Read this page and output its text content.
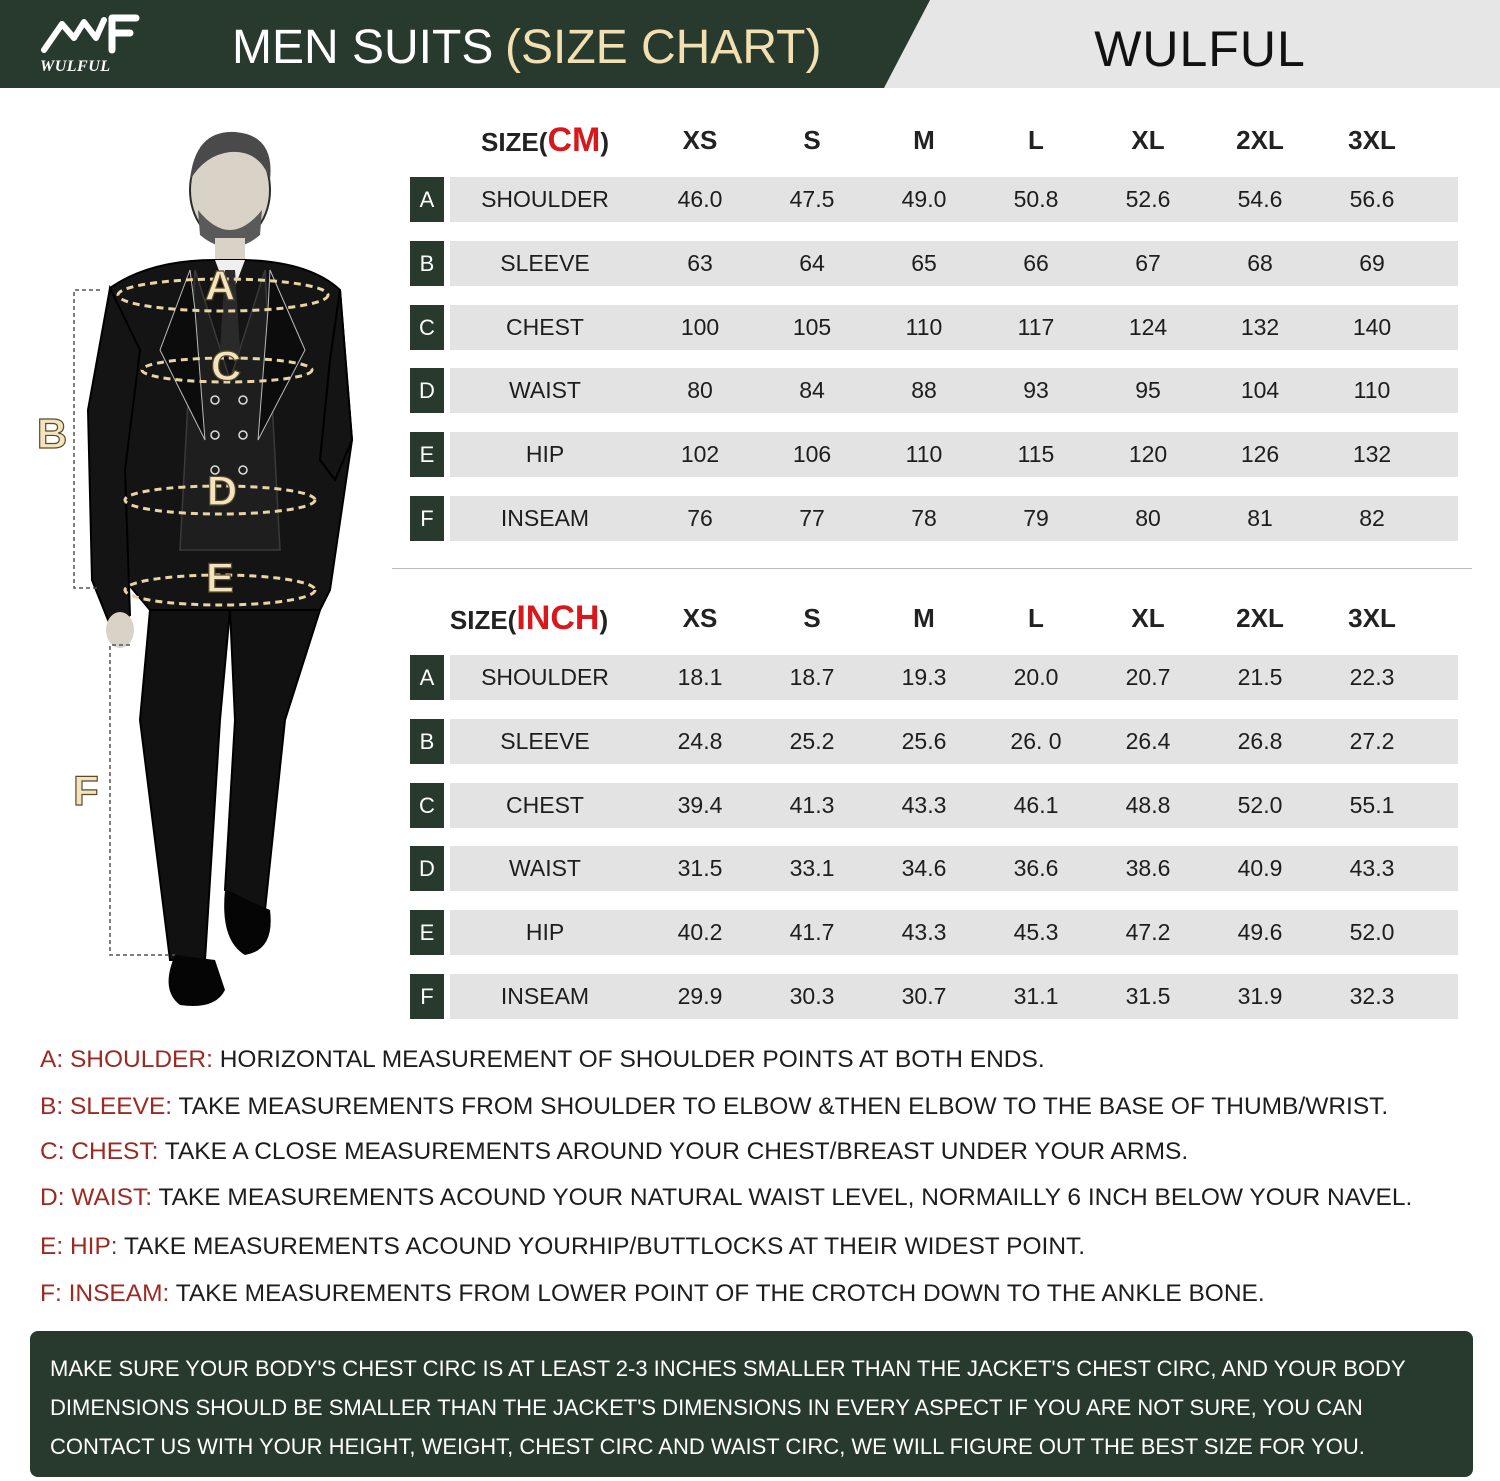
WULFUL	MEN SUITS (SIZE CHART)	WULFUL
A
C
D
E
B
F
SIZE(CM)	XS	S	M	L	XL	2XL	3XL
A	SHOULDER	46.0	47.5	49.0	50.8	52.6	54.6	56.6
B	SLEEVE	63	64	65	66	67	68	69
C	CHEST	100	105	110	117	124	132	140
D	WAIST	80	84	88	93	95	104	110
E	HIP	102	106	110	115	120	126	132
F	INSEAM	76	77	78	79	80	81	82
SIZE(INCH)	XS	S	M	L	XL	2XL	3XL
A	SHOULDER	18.1	18.7	19.3	20.0	20.7	21.5	22.3
B	SLEEVE	24.8	25.2	25.6	26. 0	26.4	26.8	27.2
C	CHEST	39.4	41.3	43.3	46.1	48.8	52.0	55.1
D	WAIST	31.5	33.1	34.6	36.6	38.6	40.9	43.3
E	HIP	40.2	41.7	43.3	45.3	47.2	49.6	52.0
F	INSEAM	29.9	30.3	30.7	31.1	31.5	31.9	32.3
A: SHOULDER: HORIZONTAL MEASUREMENT OF SHOULDER POINTS AT BOTH ENDS.
B: SLEEVE: TAKE MEASUREMENTS FROM SHOULDER TO ELBOW &THEN ELBOW TO THE BASE OF THUMB/WRIST.
C: CHEST: TAKE A CLOSE MEASUREMENTS AROUND YOUR CHEST/BREAST UNDER YOUR ARMS.
D: WAIST: TAKE MEASUREMENTS ACOUND YOUR NATURAL WAIST LEVEL, NORMAILLY 6 INCH BELOW YOUR NAVEL.
E: HIP: TAKE MEASUREMENTS ACOUND YOURHIP/BUTTLOCKS AT THEIR WIDEST POINT.
F: INSEAM: TAKE MEASUREMENTS FROM LOWER POINT OF THE CROTCH DOWN TO THE ANKLE BONE.
MAKE SURE YOUR BODY'S CHEST CIRC IS AT LEAST 2-3 INCHES SMALLER THAN THE JACKET'S CHEST CIRC, AND YOUR BODY DIMENSIONS SHOULD BE SMALLER THAN THE JACKET'S DIMENSIONS IN EVERY ASPECT IF YOU ARE NOT SURE, YOU CAN CONTACT US WITH YOUR HEIGHT, WEIGHT, CHEST CIRC AND WAIST CIRC, WE WILL FIGURE OUT THE BEST SIZE FOR YOU.
